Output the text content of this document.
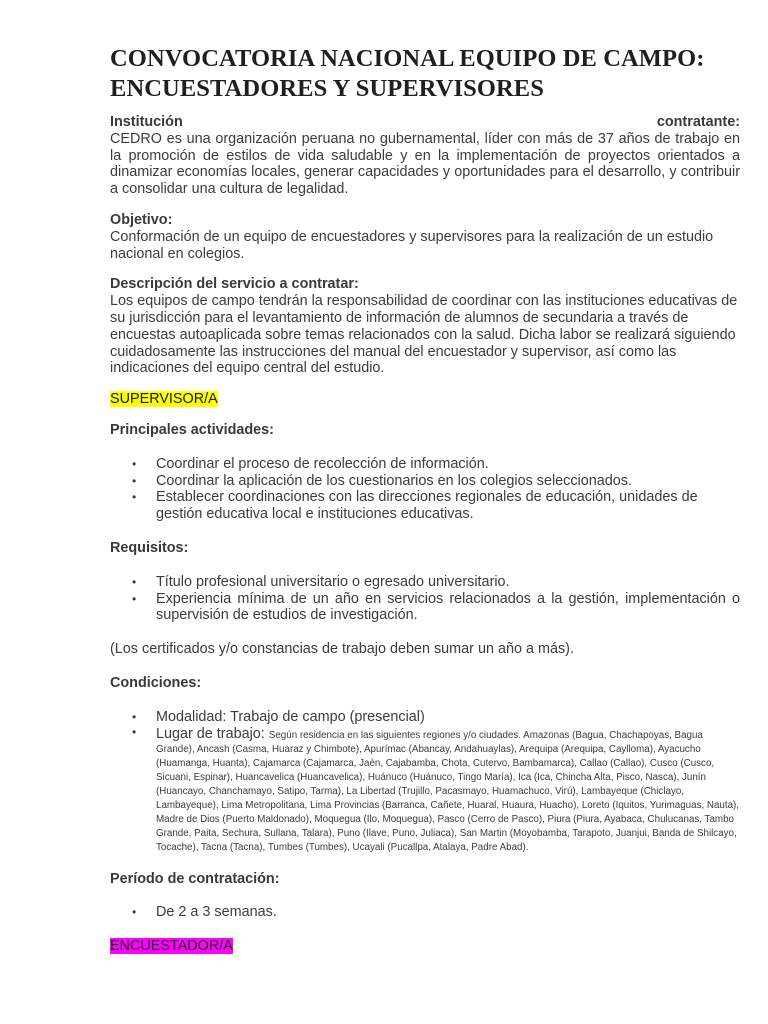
CONVOCATORIA NACIONAL EQUIPO DE CAMPO: ENCUESTADORES Y SUPERVISORES
Institución	contratante:

CEDRO es una organización peruana no gubernamental, líder con más de 37 años de trabajo en la promoción de estilos de vida saludable y en la implementación de proyectos orientados a dinamizar economías locales, generar capacidades y oportunidades para el desarrollo, y contribuir a consolidar una cultura de legalidad.

Objetivo:

Conformación de un equipo de encuestadores y supervisores para la realización de un estudio nacional en colegios.

Descripción del servicio a contratar:

Los equipos de campo tendrán la responsabilidad de coordinar con las instituciones educativas de su jurisdicción para el levantamiento de información de alumnos de secundaria a través de encuestas autoaplicada sobre temas relacionados con la salud. Dicha labor se realizará siguiendo cuidadosamente las instrucciones del manual del encuestador y supervisor, así como las indicaciones del equipo central del estudio.

SUPERVISOR/A

Principales actividades:

• Coordinar el proceso de recolección de información.
• Coordinar la aplicación de los cuestionarios en los colegios seleccionados.
• Establecer coordinaciones con las direcciones regionales de educación, unidades de gestión educativa local e instituciones educativas.

Requisitos:

• Título profesional universitario o egresado universitario.
• Experiencia mínima de un año en servicios relacionados a la gestión, implementación o supervisión de estudios de investigación.

(Los certificados y/o constancias de trabajo deben sumar un año a más).

Condiciones:

• Modalidad: Trabajo de campo (presencial)
• Lugar de trabajo: Según residencia en las siguientes regiones y/o ciudades. Amazonas (Bagua, Chachapoyas, Bagua Grande), Ancash (Casma, Huaraz y Chimbote), Apurímac (Abancay, Andahuaylas), Arequipa (Arequipa, Caylloma), Ayacucho (Huamanga, Huanta), Cajamarca (Cajamarca, Jaén, Cajabamba, Chota, Cutervo, Bambamarca), Callao (Callao), Cusco (Cusco, Sicuani, Espinar), Huancavelica (Huancavelica), Huánuco (Huánuco, Tingo María), Ica (Ica, Chincha Alta, Pisco, Nasca), Junín (Huancayo, Chanchamayo, Satipo, Tarma), La Libertad (Trujillo, Pacasmayo, Huamachuco, Virú), Lambayeque (Chiclayo, Lambayeque), Lima Metropolitana, Lima Provincias (Barranca, Cañete, Huaral, Huaura, Huacho), Loreto (Iquitos, Yurimaguas, Nauta), Madre de Dios (Puerto Maldonado), Moquegua (Ilo, Moquegua), Pasco (Cerro de Pasco), Piura (Piura, Ayabaca, Chulucanas, Tambo Grande, Paita, Sechura, Sullana, Talara), Puno (Ilave, Puno, Juliaca), San Martin (Moyobamba, Tarapoto, Juanjui, Banda de Shilcayo, Tocache), Tacna (Tacna), Tumbes (Tumbes), Ucayali (Pucallpa, Atalaya, Padre Abad).

Período de contratación:

• De 2 a 3 semanas.

ENCUESTADOR/A
